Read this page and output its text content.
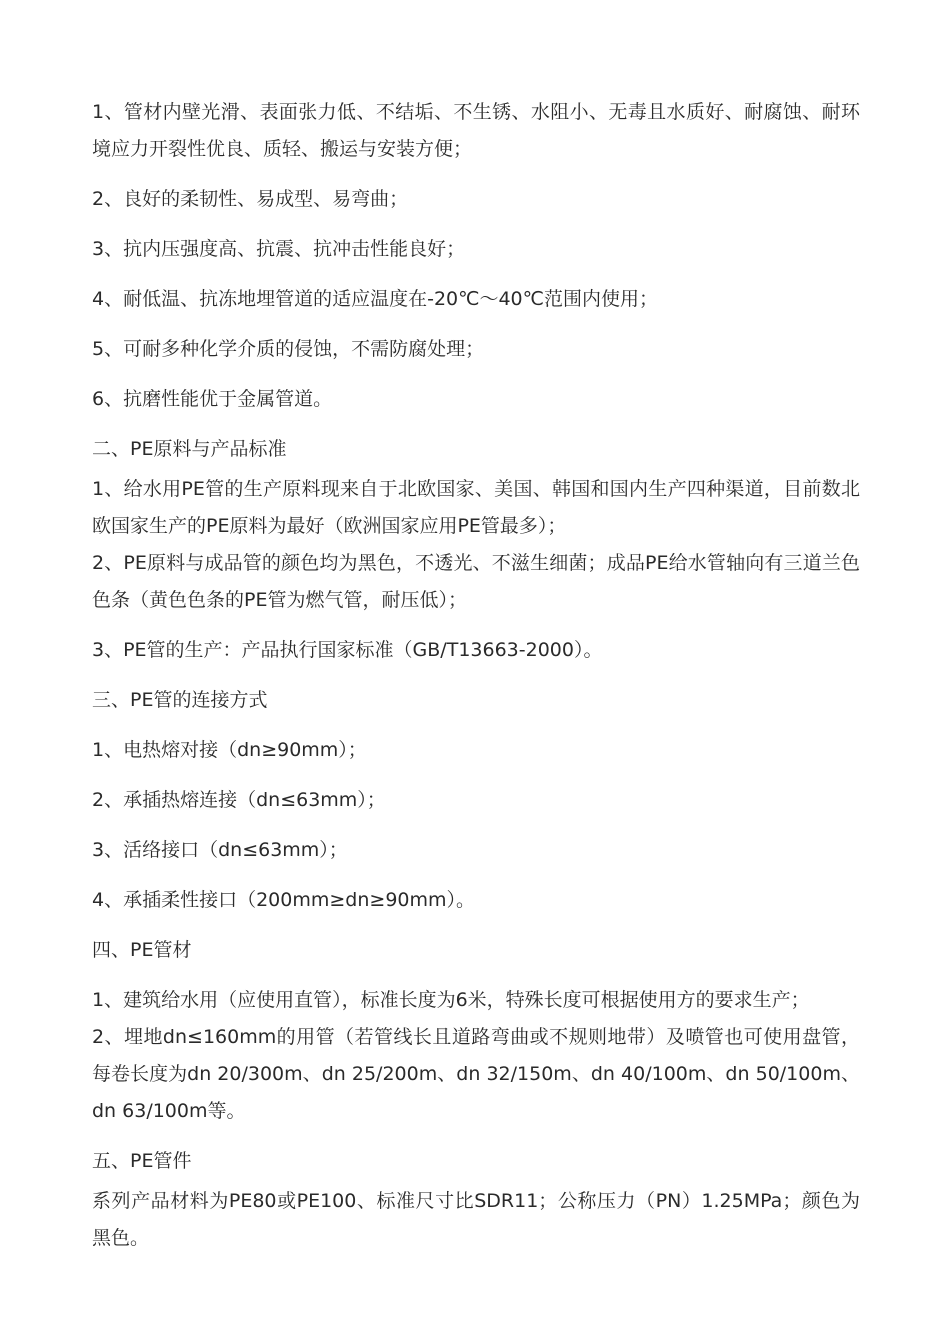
1、管材内壁光滑、表面张力低、不结垢、不生锈、水阻小、无毒且水质好、耐腐蚀、耐环境应力开裂性优良、质轻、搬运与安装方便；

2、良好的柔韧性、易成型、易弯曲；

3、抗内压强度高、抗震、抗冲击性能良好；

4、耐低温、抗冻地埋管道的适应温度在-20℃～40℃范围内使用；

5、可耐多种化学介质的侵蚀，不需防腐处理；

6、抗磨性能优于金属管道。

二、PE原料与产品标准

1、给水用PE管的生产原料现来自于北欧国家、美国、韩国和国内生产四种渠道，目前数北欧国家生产的PE原料为最好（欧洲国家应用PE管最多）；

2、PE原料与成品管的颜色均为黑色，不透光、不滋生细菌；成品PE给水管轴向有三道兰色色条（黄色色条的PE管为燃气管，耐压低）；

3、PE管的生产：产品执行国家标准（GB/T13663-2000）。

三、PE管的连接方式

1、电热熔对接（dn≥90mm）；

2、承插热熔连接（dn≤63mm）；

3、活络接口（dn≤63mm）；

4、承插柔性接口（200mm≥dn≥90mm）。

四、PE管材

1、建筑给水用（应使用直管），标准长度为6米，特殊长度可根据使用方的要求生产；

2、埋地dn≤160mm的用管（若管线长且道路弯曲或不规则地带）及喷管也可使用盘管，每卷长度为dn 20/300m、dn 25/200m、dn 32/150m、dn 40/100m、dn 50/100m、dn 63/100m等。

五、PE管件

系列产品材料为PE80或PE100、标准尺寸比SDR11；公称压力（PN）1.25MPa；颜色为黑色。
